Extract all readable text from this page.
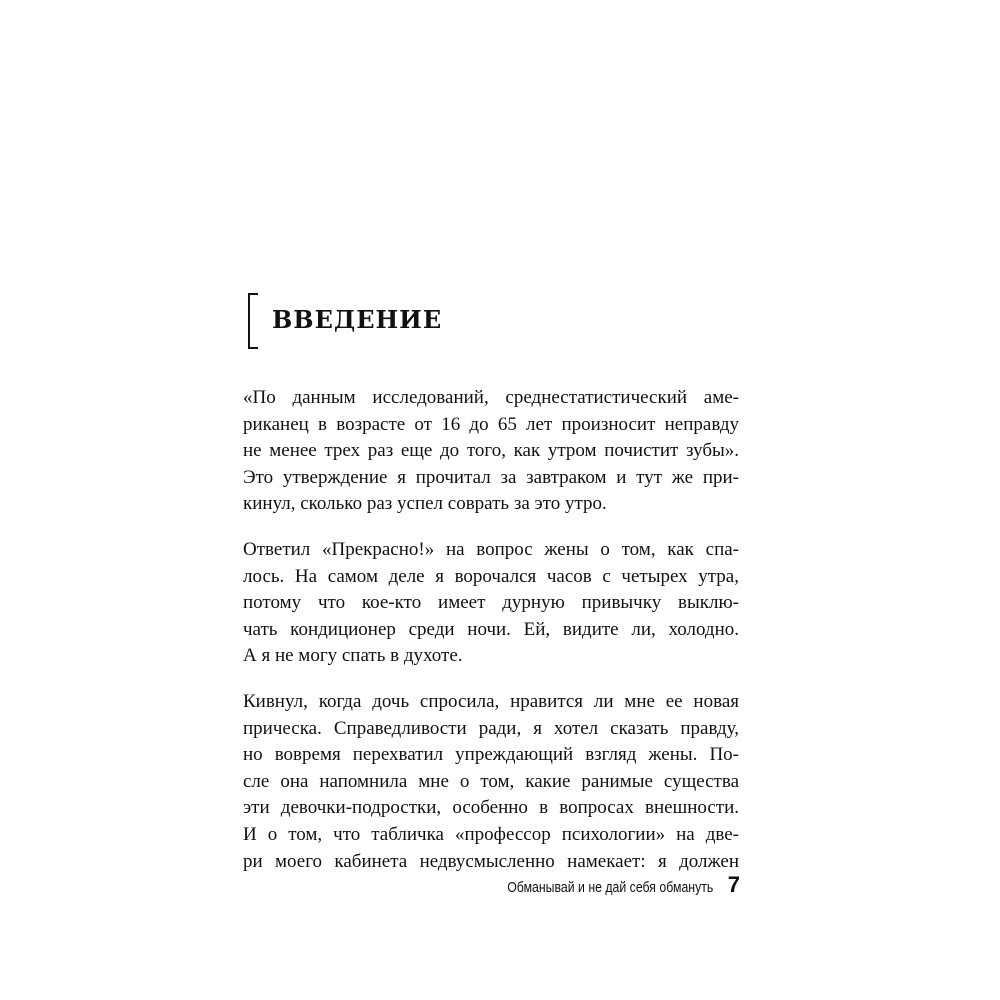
ВВЕДЕНИЕ
«По данным исследований, среднестатистический аме-
риканец в возрасте от 16 до 65 лет произносит неправду
не менее трех раз еще до того, как утром почистит зубы».
Это утверждение я прочитал за завтраком и тут же при-
кинул, сколько раз успел соврать за это утро.
Ответил «Прекрасно!» на вопрос жены о том, как спа-
лось. На самом деле я ворочался часов с четырех утра,
потому что кое-кто имеет дурную привычку выклю-
чать кондиционер среди ночи. Ей, видите ли, холодно.
А я не могу спать в духоте.
Кивнул, когда дочь спросила, нравится ли мне ее новая
прическа. Справедливости ради, я хотел сказать правду,
но вовремя перехватил упреждающий взгляд жены. По-
сле она напомнила мне о том, какие ранимые существа
эти девочки-подростки, особенно в вопросах внешности.
И о том, что табличка «профессор психологии» на две-
ри моего кабинета недвусмысленно намекает: я должен
Обманывай и не дай себя обмануть 7
